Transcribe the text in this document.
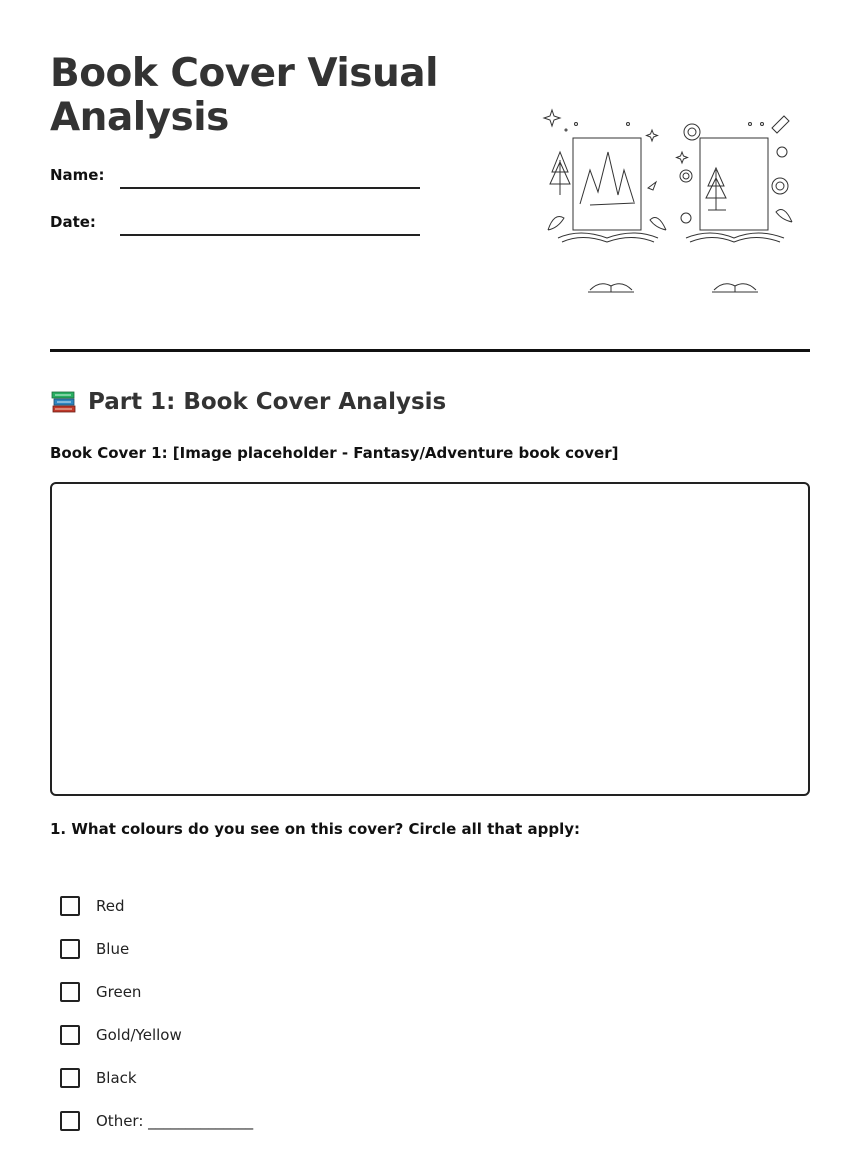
Book Cover Visual Analysis
Name:
Date:
Part 1: Book Cover Analysis
Book Cover 1: [Image placeholder - Fantasy/Adventure book cover]
1. What colours do you see on this cover? Circle all that apply:
Red
Blue
Green
Gold/Yellow
Black
Other: ______________
